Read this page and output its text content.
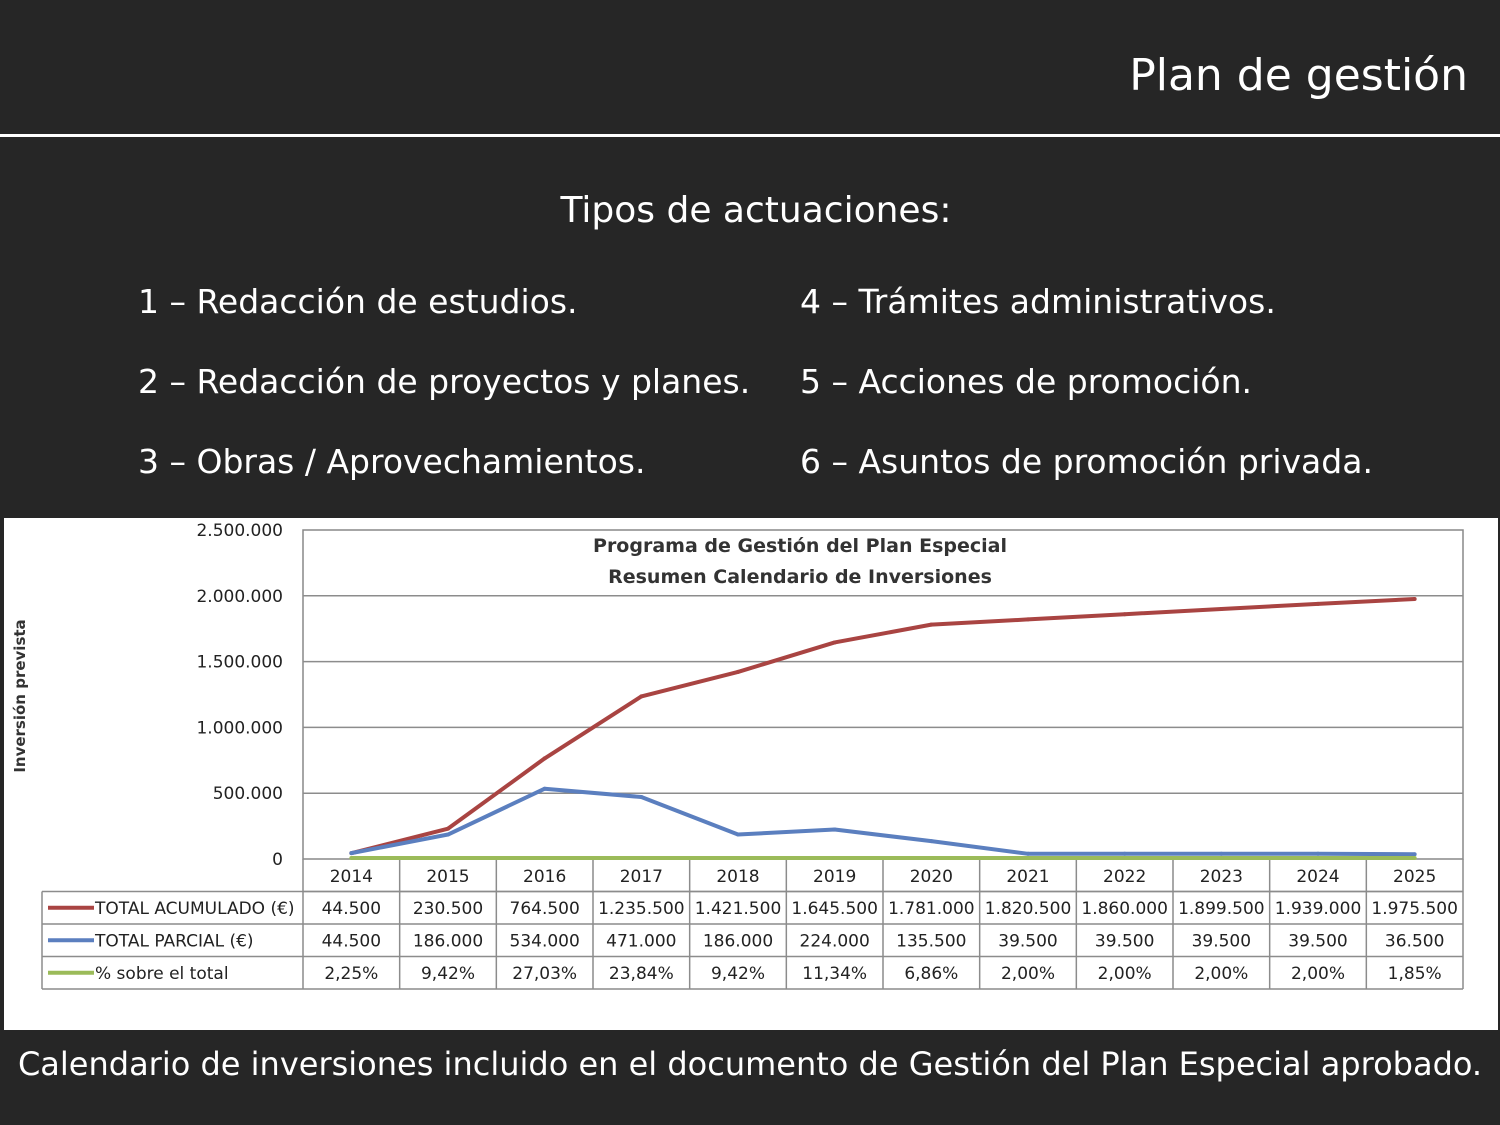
Plan de gestión
Tipos de actuaciones:
1 – Redacción de estudios.
2 – Redacción de proyectos y planes.
3 – Obras / Aprovechamientos.
4 – Trámites administrativos.
5 – Acciones de promoción.
6 – Asuntos de promoción privada.
0
500.000
1.000.000
1.500.000
2.000.000
2.500.000
2014	2015	2016	2017	2018	2019	2020	2021	2022	2023	2024	2025
TOTAL ACUMULADO (€) 44.500 230.500 764.500 1.235.500 1.421.500 1.645.500 1.781.000 1.820.500 1.860.000 1.899.500 1.939.000 1.975.500
TOTAL PARCIAL (€)	44.500 186.000 534.000 471.000 186.000 224.000 135.500 39.500 39.500 39.500 39.500 36.500
% sobre el total	2,25%	9,42% 27,03% 23,84% 9,42% 11,34% 6,86%	2,00%	2,00%	2,00%	2,00%	1,85%
Programa de Gestión del Plan Especial
Resumen Calendario de Inversiones
Inversión prevista
Calendario de inversiones incluido en el documento de Gestión del Plan Especial aprobado.
